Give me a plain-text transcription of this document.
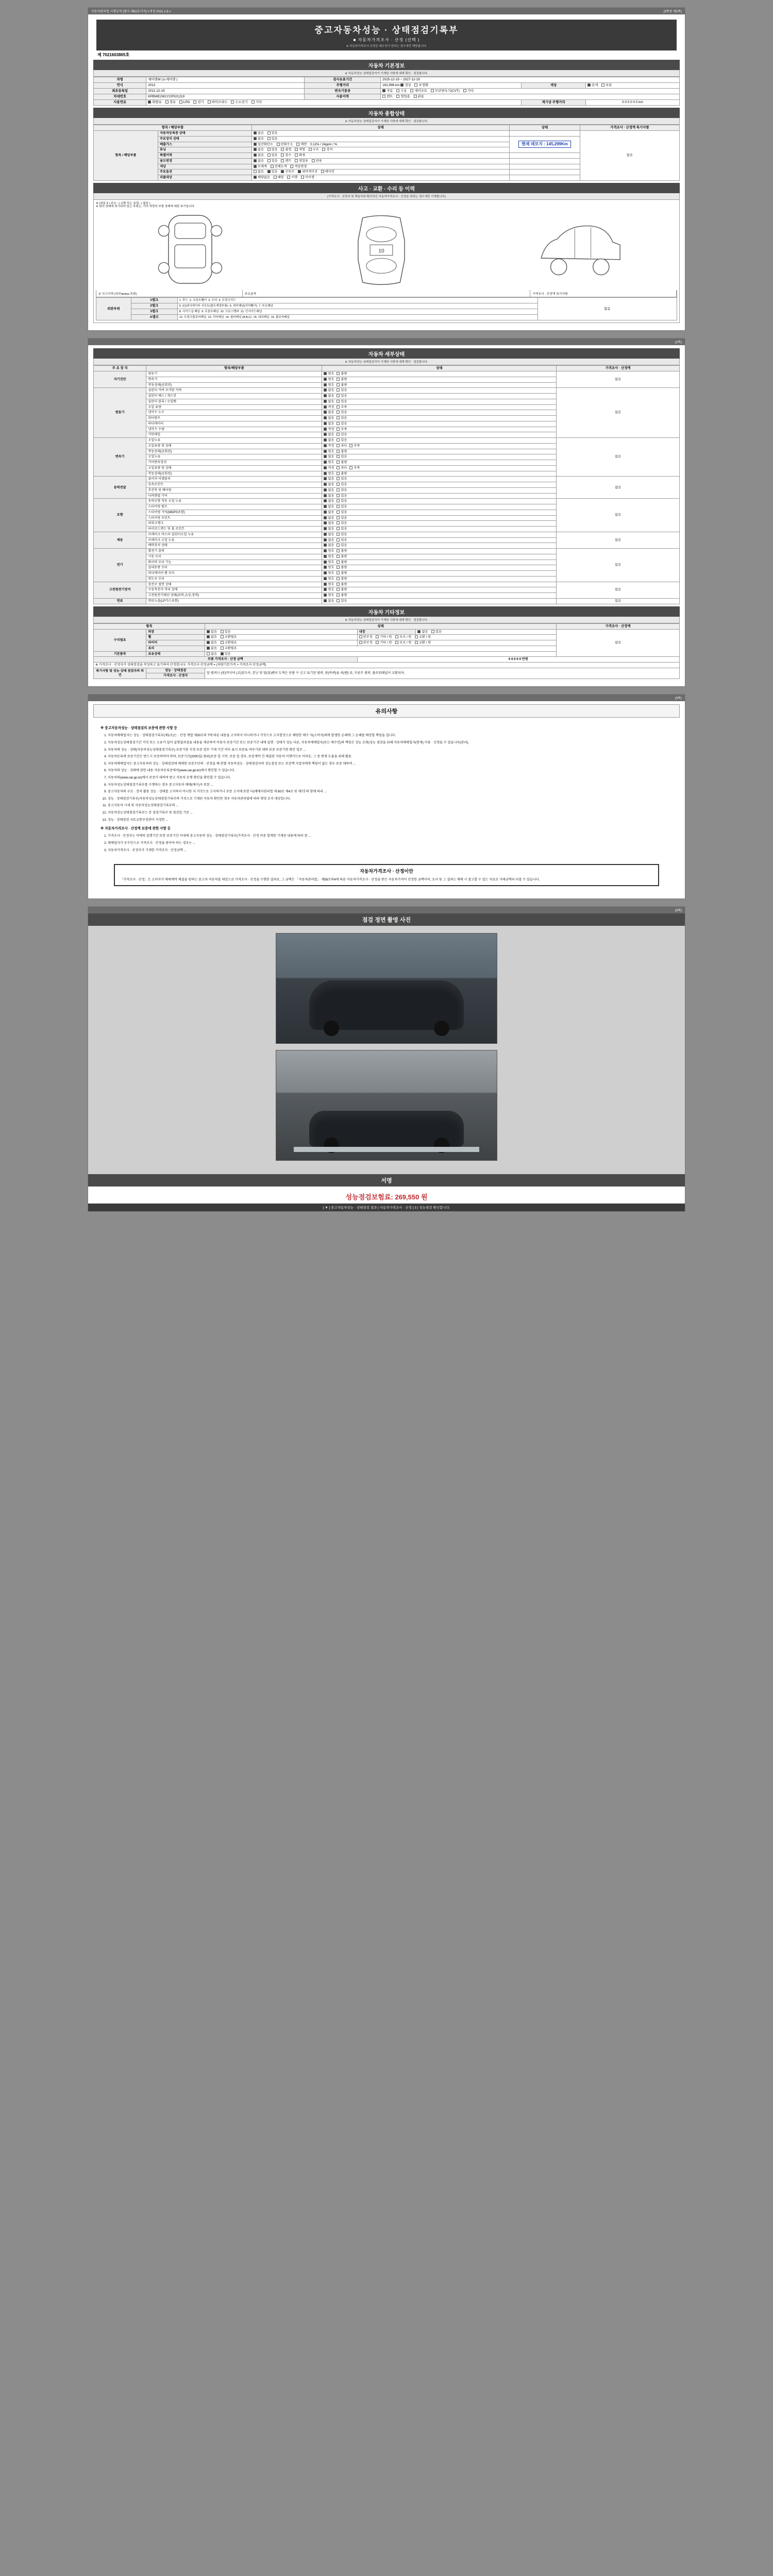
자동차관리법 시행규칙 [별지 제82호서식] <개정 2021.1.8.>	(3쪽중 제1쪽)
중고자동차성능 · 상태점검기록부
■ 자동차가격조사 · 산정 (선택 )
※ 자동차가격조사·산정은 매수인이 원하는 경우에만 해당됩니다.
제 7021603805호
자동차 기본정보
※ 자동차성능·상태점검자가 기재한 사항에 대해 확인 · 점검합니다.
차명	체어맨W (뉴체어맨 )	검사유효기간	2025-12-19 ~ 2027-12-19		
연식	2012	주행거리	162,996 km 정상 부정확	색상	단색 투톤
최초등록일	2011-12-19	변속기종류	자동 수동 세미오토 무단변속기(CVT) 기타		
차대번호	KPBWE2W1YCP021219	사용이력	렌트 영업용 관용		
사용연료	휘발유 경유 LPG 전기 하이브리드 수소전기 기타			계기상 주행거리	0 0 0 0 0 0 km
자동차 종합상태
※ 자동차성능·상태점검자가 기재한 사항에 대해 확인 · 점검합니다.
항목 / 해당부품		상태	상태	가격조사 · 산정액 특기사항
항목 / 해당부품	자동차등록증 상태	없음 있음		없음
	주요장치 상태	없음 있음	현재 데모지 : 145,299Km	
	배출가스	일산화탄소 탄화수소 매연 0.12% / 24ppm / %		
	튜닝	없음 있음 불법 적법 구조 장치		
	특별이력	없음 있음 침수 화재		
	용도변경	없음 있음 렌트 영업용 관용		
	색상	무채색 전체도색 색상변경		
	주요옵션	없음 있음 선루프 내비게이션 에어컨		
	리콜대상	해당없음 해당 이행 미이행		
사고 · 교환 · 수리 등 이력
(가격조사 · 산정자 및 책임자와 확인하신 자동차가격조사 · 산정을 원하는 경우에만 기재합니다)
※ (내용 X / 주요 : ) 교환 또는 용접 : ( 없음 )
※ 위의 상태에 표기되어 있는 부위는, 가의 차량의 부품 상태에 대한 표기입니다
10
① 사고이력 (외부/внеш 포함)	주요골격	가격조사 · 산정액 특기사항
외판부위	1랭크	1. 후드 2. 프론트휀더 3. 도어 4. 트렁크리드	없음
	2랭크	5. (C)라디에이터 서포트(볼트체결부품) 6. 쿼터패널(리어휀더) 7. 루프패널	
	3랭크	8. 사이드실 패널 9. 프론트패널 10. 크로스멤버 11. 인사이드패널	
	A랭크	12. 트렁크플로어패널 13. 리어패널 14. 필러패널 (A,B,C) 15. 대쉬패널 16. 플로어패널	
(2쪽)
자동차 세부상태
※ 자동차성능·상태점검자가 기재한 사항에 대해 확인 · 점검합니다.
주 요 장 치	항목/해당부품	상태	가격조사 · 산정액
자기진단	원동기	양호 불량	없음
	변속기	양호 불량	
	작동상태(공회전)	양호 불량	
원동기	실린더 커버 로커암 커버	없음 있음	없음
	실린더 헤드 / 개스킷	없음 있음	
	실린더 블록 / 오일팬	없음 있음	
	오일 유량	적정 부족	
	냉각수 누수	없음 있음	
	워터펌프	없음 있음	
	라디에이터	없음 있음	
	냉각수 수량	적정 부족	
	커먼레일	없음 있음	
변속기	오일누유	없음 있음	없음
	오일유량 및 상태	적정 과다 부족	
	작동상태(공회전)	양호 불량	
	오일누유	없음 있음	
	기어변속장치	양호 불량	
	오일유량 및 상태	적정 과다 부족	
	작동상태(공회전)	양호 불량	
동력전달	클러치 어셈블리	없음 있음	없음
	등속조인트	없음 있음	
	추진축 및 베어링	없음 있음	
	디퍼렌셜 기어	없음 있음	
조향	동력조향 작동 오일 누유	없음 있음	없음
	스티어링 펌프	없음 있음	
	스티어링 기어(MDPS포함)	없음 있음	
	스티어링 조인트	없음 있음	
	파워크랭크	없음 있음	
	타이로드엔드 및 볼 조인트	없음 있음	
제동	브레이크 마스터 실린더오일 누유	없음 있음	없음
	브레이크 오일 누유	없음 있음	
	배력장치 상태	없음 있음	
전기	발전기 출력	양호 불량	없음
	시동 모터	양호 불량	
	와이퍼 모터 기능	양호 불량	
	실내송풍 모터	양호 불량	
	라디에이터 팬 모터	양호 불량	
	윈도우 모터	양호 불량	
고전원전기장치	충전구 절연 상태	양호 불량	없음
	구동축전지 격리 상태	양호 불량	
	고전원전기배선 상태(피복,손상,장착)	양호 불량	
연료	연료누출(LP가스포함)	없음 있음	없음
자동차 기타정보
※ 자동차성능·상태점검자가 기재한 사항에 대해 확인 · 점검합니다.
항목		상태			가격조사 · 산정액
수리필요	외장	없음 있음	내장	없음 있음	없음
	휠	없음 교환필요	판조정 기타 / 원 보조 / 원 교환 / 원		
	타이어	없음 교환필요	판조정 기타 / 원 보조 / 원 교환 / 원		
	유리	없음 교환필요			
기본품목	보유상태	없음 있음			
부품 가격조사 · 산정 금액			0 0 0 0 0 만원		
※ 가격조사 · 산정자가 상태정검을 작성하고 표기하여 산정합니다. 가격조사 산정금액 = (차량기본가격 + 가격조사 산정금액)					
특기사항 및 성능·상태 점검자의 의견	성능 · 상태점검	앞 범퍼나 (판)까지녁 (교)앞도어, 본닛 및 앞(뒤)펜더 도색은 단품 수 신고 표기된 범퍼, 판(바퀴)을 리(펜) 뒤, 프론트 범퍼, 플로워패널이 교환되어,			
	가격조사 · 산정자				
(3쪽)
유의사항
※ 중고자동차성능 · 상태점검의 보증에 관한 사항 등
1. 자동차매매업자는 성능 · 상태점검기록부(제1조)는 · 산정 계열 제30조의 7에 따른 내용을 고지하지 아니하거나 거짓으로 고지할것으로 해당한 매수 자(소비자)에게 발생한 손해에 그 손해를 배상할 책임을 집니다.
2. 자동차성능상태점검기간 거짓 또는 오류가 있어 실행결과검표 내용을 제공하여 이용자 보증기간 또는 보증기간 내에 실행 · 상태가 성능 다른, 자동차매매업자(또는 매수인)의 책임은 성능 조회(성능 점검을 위해 자동차매매업자(현재) 이용 · 신청을 수 있습니다(관리).
3. 자동차에 성능 · 상태(자동차성능상태점검기록부) 보증기관 지정 보증 업무 기재 기간 여부 표시 보증표 여부기관 대하 보증 보증기관 확인 업무 ...
4. 자동차등록에 보증기간은 반드시 보증하여야 하며, 보증기간(2000일) 범위(보증 일 시작, 보증 일 경우, 보증계약 건 체결된 자동차 이행이므로 어려운, 그 중 변제 도움을 위해 활용.
5. 자동차매매업자는 중고자동차의 성능 · 상태점검에 매매한 보증수단의 · 산정을 해 판별 자동차성능 · 상태점검자의 성능점검 또는 보상액 사업자에게 책임이 없는 경우 보증 대하여 ...
6. 자동차의 성능 · 상태에 관한 내용 자동차등록증에서(www.car.go.kr)에서 확인할 수 있습니다.
7. 자동차의(www.car.go.kr)에서 보증가 대하여 받고 자동차 운행 확인을 확인할 수 있습니다.
8. 자동차성능상태점검기록부를 수행하는 경우 중고자동차 매매(매수)자 또한 ...
9. 중고자동차의 구조 · 장치 활용 성능 · 상태를 고지하지 아니한 자 거짓으로 고지하거나 보증 고지에 또한 다(매매자관리법 제 80조 제4조 및 제7호의 항에 따라 ...
10. 성능 · 상태점검기록부(자동차성능상태점검기록부의 거짓으로 기재된 자동차 확인한 경우 자동차관리법에 따라 행정 조치 대상입니다.
11. 중고자동차 시세 및 자동차성능상태점검기록부의 ...
12. 자동차성능상태점검기록부는 본 점검기록부 및 점검일 기준 ...
13. 성능 · 상태점검 국토교통부장관이 지정한 ...
※ 자동차가격조사 · 산정액 보증에 관한 사항 등
1. 가격조사 · 산정자는 이에의 실행기간 또한 보증기간 이내에 중고자동차 성능 · 상태점검기록부(가격조사 · 산정 비용 합계한 기재된 내용에 따라 된 ...
2. 매매업자가 부수인으로 가격조사 · 산정을 받아야 하는 경우는 ...
3. 자동차가격조사 · 산정자가 기재한 가격조사 · 산정금액 ...
자동차가격조사 · 산정이안
「가격조사 · 산정」은 소비자가 매매계약 체결을 원하는 중고차 자동차를 대상으로 가격조사 · 산정을 수행한 결과로, 그 금액은 「자동차관리법」 제58조의4에 따른 자동차가격조사 · 산정을 받은 자동차가격이 산정한 금액이며, 조사 및 그 결과는 매매 시 참고할 수 있는 자료로 거래금액과 다를 수 있습니다.
(3쪽)
점검 정면 촬영 사진
서명
성능점검보험료: 269,550 원
[ ▼ ] 중고자동차성능 · 상태점검 결과 | 자동차가격조사 · 산정 [ 3 ] 성능점검 확인합니다.
